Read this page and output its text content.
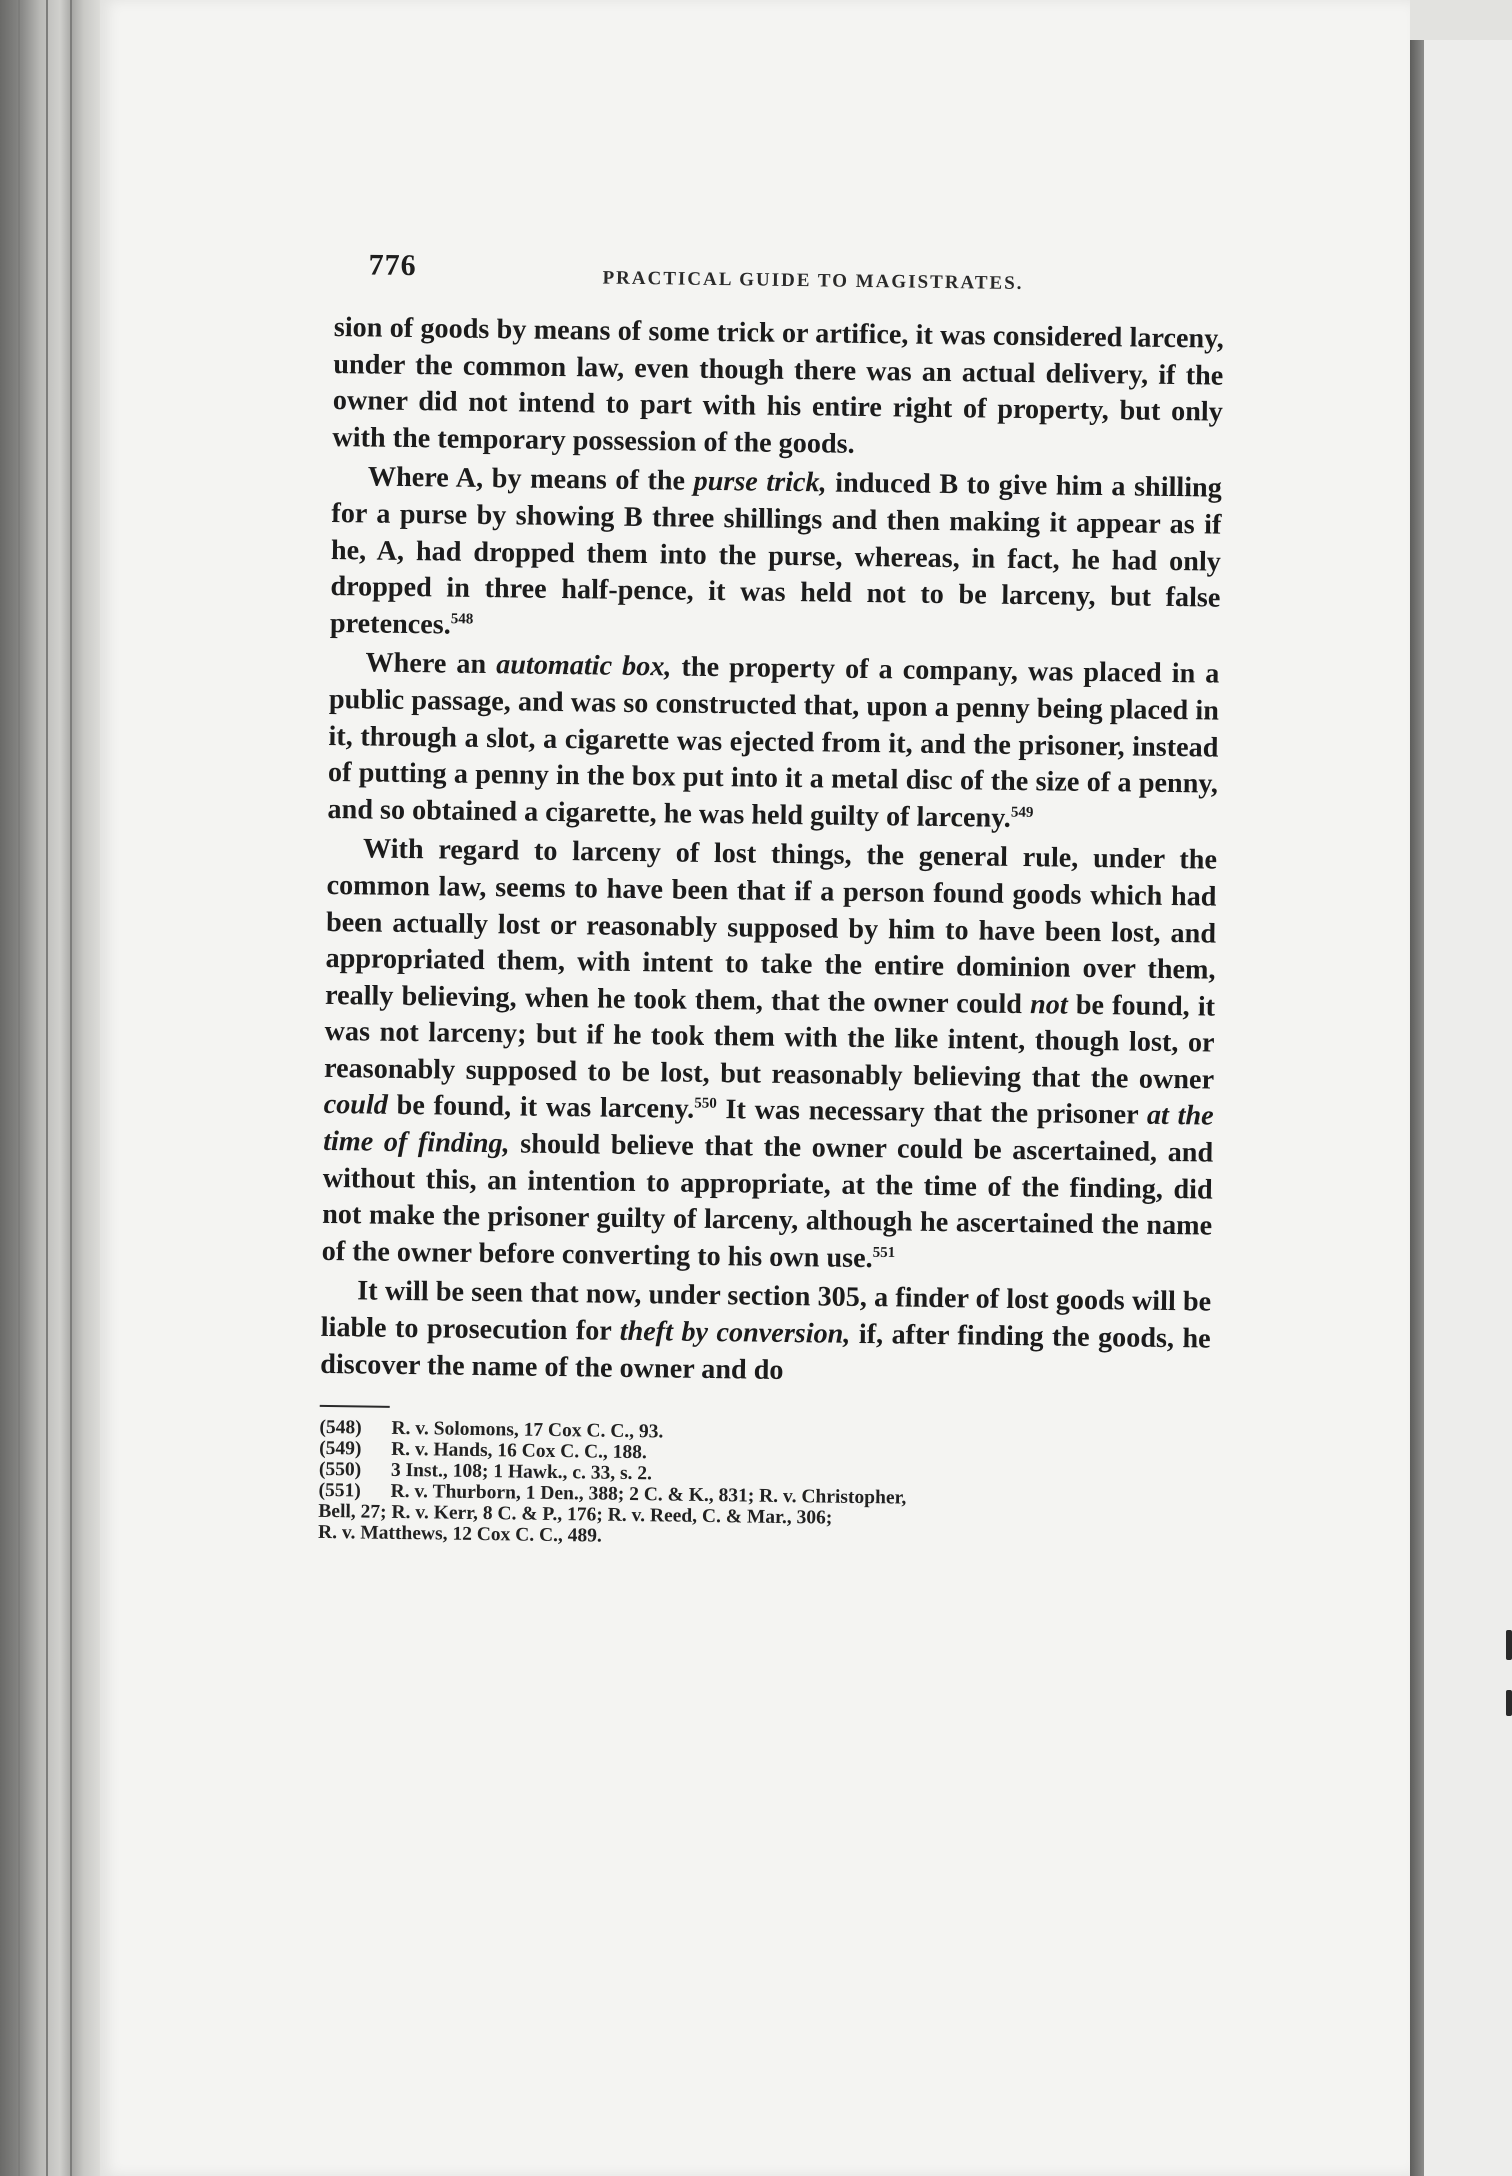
776	PRACTICAL GUIDE TO MAGISTRATES.

sion of goods by means of some trick or artifice, it was considered larceny, under the common law, even though there was an actual delivery, if the owner did not intend to part with his entire right of property, but only with the temporary possession of the goods.

Where A, by means of the purse trick, induced B to give him a shilling for a purse by showing B three shillings and then making it appear as if he, A, had dropped them into the purse, whereas, in fact, he had only dropped in three half-pence, it was held not to be larceny, but false pretences.$^{548}$

Where an automatic box, the property of a company, was placed in a public passage, and was so constructed that, upon a penny being placed in it, through a slot, a cigarette was ejected from it, and the prisoner, instead of putting a penny in the box put into it a metal disc of the size of a penny, and so obtained a cigarette, he was held guilty of larceny.$^{549}$

With regard to larceny of lost things, the general rule, under the common law, seems to have been that if a person found goods which had been actually lost or reasonably supposed by him to have been lost, and appropriated them, with intent to take the entire dominion over them, really believing, when he took them, that the owner could not be found, it was not larceny; but if he took them with the like intent, though lost, or reasonably supposed to be lost, but reasonably believing that the owner could be found, it was larceny.$^{550}$ It was necessary that the prisoner at the time of finding, should believe that the owner could be ascertained, and without this, an intention to appropriate, at the time of the finding, did not make the prisoner guilty of larceny, although he ascertained the name of the owner before converting to his own use.$^{551}$

It will be seen that now, under section 305, a finder of lost goods will be liable to prosecution for theft by conversion, if, after finding the goods, he discover the name of the owner and do

(548)	R. v. Solomons, 17 Cox C. C., 93.
(549)	R. v. Hands, 16 Cox C. C., 188.
(550)	3 Inst., 108; 1 Hawk., c. 33, s. 2.
(551)	R. v. Thurborn, 1 Den., 388; 2 C. & K., 831; R. v. Christopher,
Bell, 27; R. v. Kerr, 8 C. & P., 176; R. v. Reed, C. & Mar., 306;
R. v. Matthews, 12 Cox C. C., 489.
